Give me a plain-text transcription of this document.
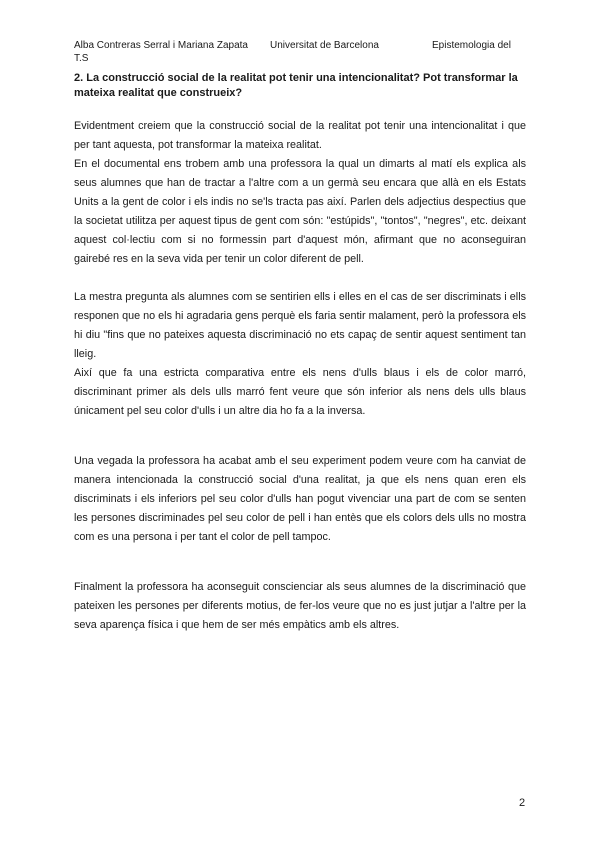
Alba Contreras Serral i Mariana Zapata	Universitat de Barcelona	Epistemologia del
T.S
2. La construcció social de la realitat pot tenir una intencionalitat? Pot transformar la mateixa realitat que construeix?

Evidentment creiem que la construcció social de la realitat pot tenir una intencionalitat i que per tant aquesta, pot transformar la mateixa realitat.

En el documental ens trobem amb una professora la qual un dimarts al matí els explica als seus alumnes que han de tractar a l'altre com a un germà seu encara que allà en els Estats Units a la gent de color i els indis no se'ls tracta pas així. Parlen dels adjectius despectius que la societat utilitza per aquest tipus de gent com són: "estúpids", "tontos", "negres", etc. deixant aquest col·lectiu com si no formessin part d'aquest món, afirmant que no aconseguiran gairebé res en la seva vida per tenir un color diferent de pell.

La mestra pregunta als alumnes com se sentirien ells i elles en el cas de ser discriminats i ells responen que no els hi agradaria gens perquè els faria sentir malament, però la professora els hi diu "fins que no pateixes aquesta discriminació no ets capaç de sentir aquest sentiment tan lleig.

Així que fa una estricta comparativa entre els nens d'ulls blaus i els de color marró, discriminant primer als dels ulls marró fent veure que són inferior als nens dels ulls blaus únicament pel seu color d'ulls i un altre dia ho fa a la inversa.

Una vegada la professora ha acabat amb el seu experiment podem veure com ha canviat de manera intencionada la construcció social d'una realitat, ja que els nens quan eren els discriminats i els inferiors pel seu color d'ulls han pogut vivenciar una part de com se senten les persones discriminades pel seu color de pell i han entès que els colors dels ulls no mostra com es una persona i per tant el color de pell tampoc.

Finalment la professora ha aconseguit conscienciar als seus alumnes de la discriminació que pateixen les persones per diferents motius, de fer-los veure que no es just jutjar a l'altre per la seva aparença física i que hem de ser més empàtics amb els altres.

2
